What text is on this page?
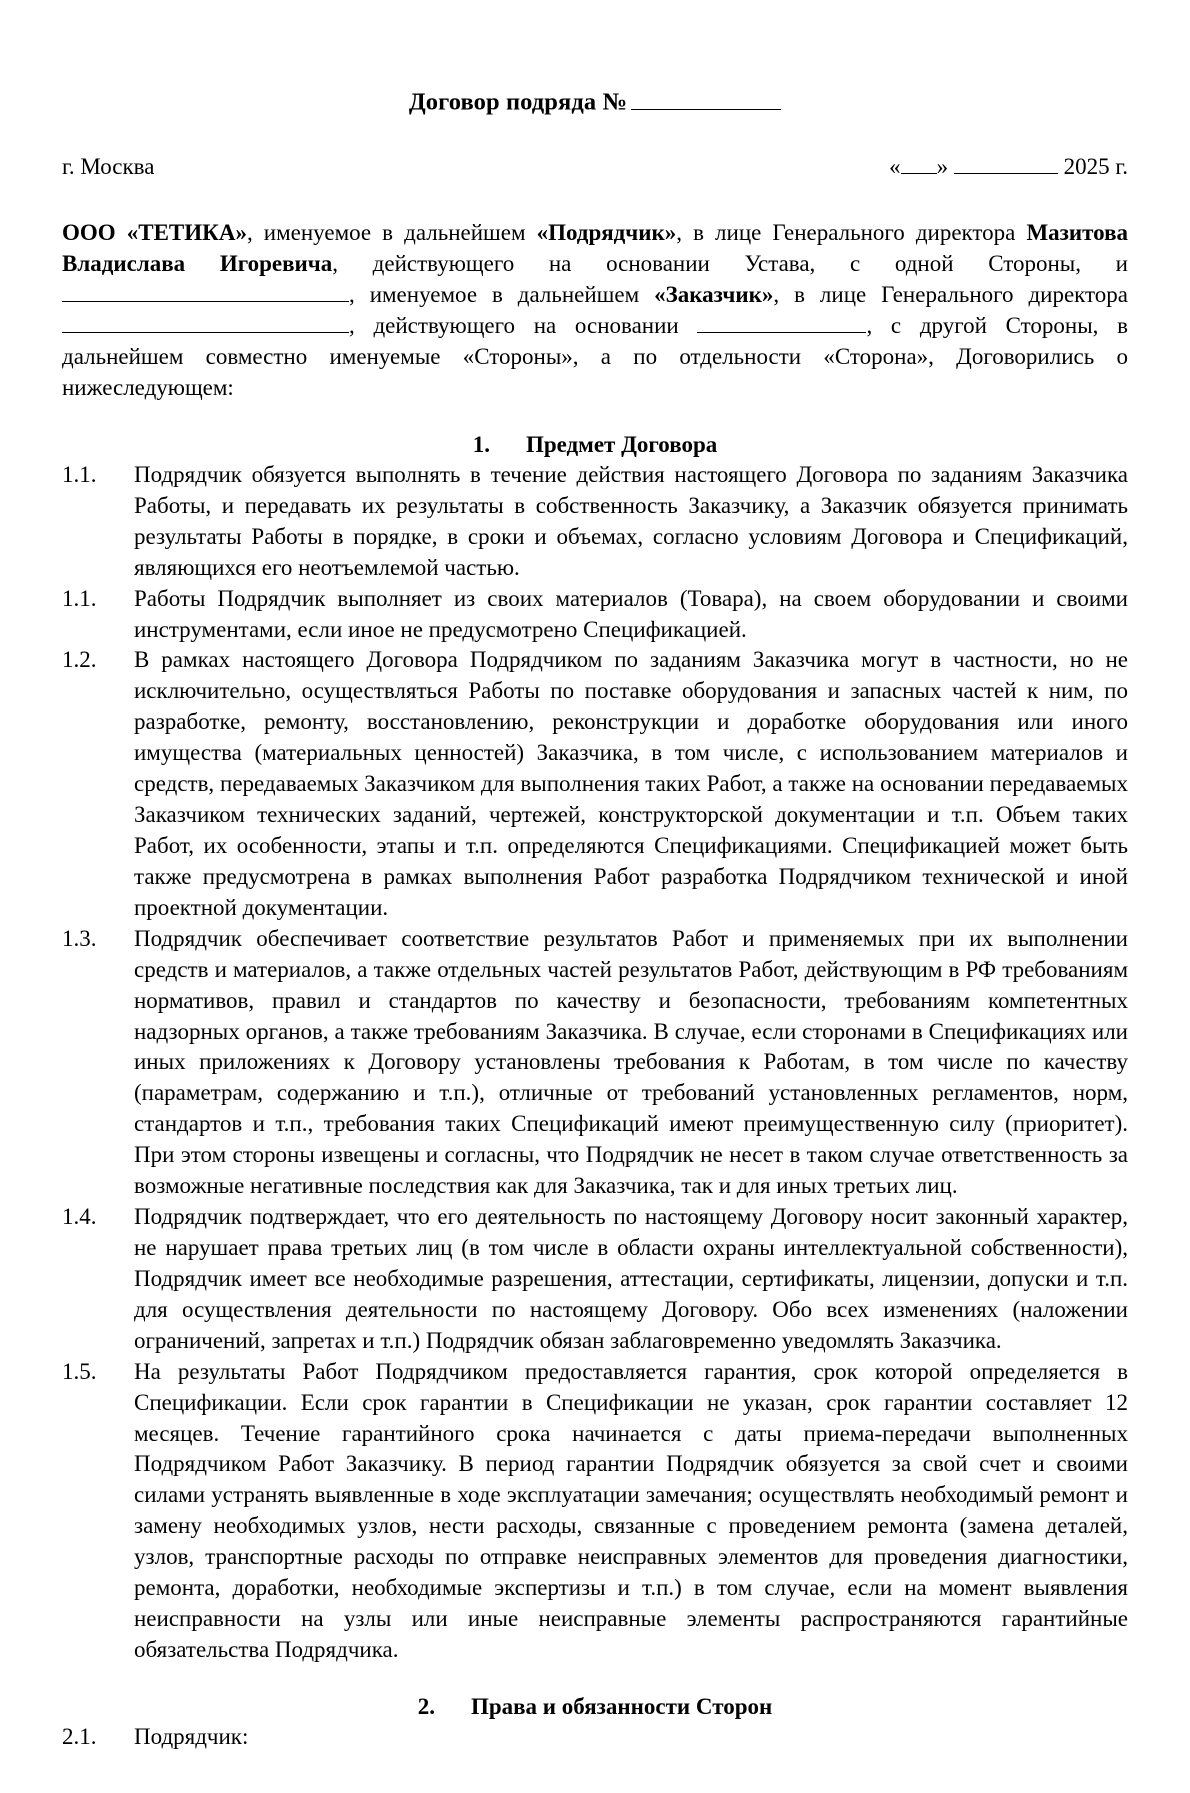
Договор подряда №
г. Москва	« »	2025 г.

ООО «ТЕТИКА», именуемое в дальнейшем «Подрядчик», в лице Генерального директора Мазитова Владислава Игоревича, действующего на основании Устава, с одной Стороны, и , именуемое в дальнейшем «Заказчик», в лице Генерального директора , действующего на основании	, с другой Стороны, в дальнейшем совместно именуемые «Стороны», а по отдельности «Сторона», Договорились о нижеследующем:

1. Предмет Договора
1.1.	Подрядчик обязуется выполнять в течение действия настоящего Договора по заданиям Заказчика Работы, и передавать их результаты в собственность Заказчику, а Заказчик обязуется принимать результаты Работы в порядке, в сроки и объемах, согласно условиям Договора и Спецификаций, являющихся его неотъемлемой частью.
1.1.	Работы Подрядчик выполняет из своих материалов (Товара), на своем оборудовании и своими инструментами, если иное не предусмотрено Спецификацией.
1.2.	В рамках настоящего Договора Подрядчиком по заданиям Заказчика могут в частности, но не исключительно, осуществляться Работы по поставке оборудования и запасных частей к ним, по разработке, ремонту, восстановлению, реконструкции и доработке оборудования или иного имущества (материальных ценностей) Заказчика, в том числе, с использованием материалов и средств, передаваемых Заказчиком для выполнения таких Работ, а также на основании передаваемых Заказчиком технических заданий, чертежей, конструкторской документации и т.п. Объем таких Работ, их особенности, этапы и т.п. определяются Спецификациями. Спецификацией может быть также предусмотрена в рамках выполнения Работ разработка Подрядчиком технической и иной проектной документации.
1.3.	Подрядчик обеспечивает соответствие результатов Работ и применяемых при их выполнении средств и материалов, а также отдельных частей результатов Работ, действующим в РФ требованиям нормативов, правил и стандартов по качеству и безопасности, требованиям компетентных надзорных органов, а также требованиям Заказчика. В случае, если сторонами в Спецификациях или иных приложениях к Договору установлены требования к Работам, в том числе по качеству (параметрам, содержанию и т.п.), отличные от требований установленных регламентов, норм, стандартов и т.п., требования таких Спецификаций имеют преимущественную силу (приоритет). При этом стороны извещены и согласны, что Подрядчик не несет в таком случае ответственность за возможные негативные последствия как для Заказчика, так и для иных третьих лиц.
1.4.	Подрядчик подтверждает, что его деятельность по настоящему Договору носит законный характер, не нарушает права третьих лиц (в том числе в области охраны интеллектуальной собственности), Подрядчик имеет все необходимые разрешения, аттестации, сертификаты, лицензии, допуски и т.п. для осуществления деятельности по настоящему Договору. Обо всех изменениях (наложении ограничений, запретах и т.п.) Подрядчик обязан заблаговременно уведомлять Заказчика.
1.5.	На результаты Работ Подрядчиком предоставляется гарантия, срок которой определяется в Спецификации. Если срок гарантии в Спецификации не указан, срок гарантии составляет 12 месяцев. Течение гарантийного срока начинается с даты приема-передачи выполненных Подрядчиком Работ Заказчику. В период гарантии Подрядчик обязуется за свой счет и своими силами устранять выявленные в ходе эксплуатации замечания; осуществлять необходимый ремонт и замену необходимых узлов, нести расходы, связанные с проведением ремонта (замена деталей, узлов, транспортные расходы по отправке неисправных элементов для проведения диагностики, ремонта, доработки, необходимые экспертизы и т.п.) в том случае, если на момент выявления неисправности на узлы или иные неисправные элементы распространяются гарантийные обязательства Подрядчика.
2. Права и обязанности Сторон
2.1.	Подрядчик:
